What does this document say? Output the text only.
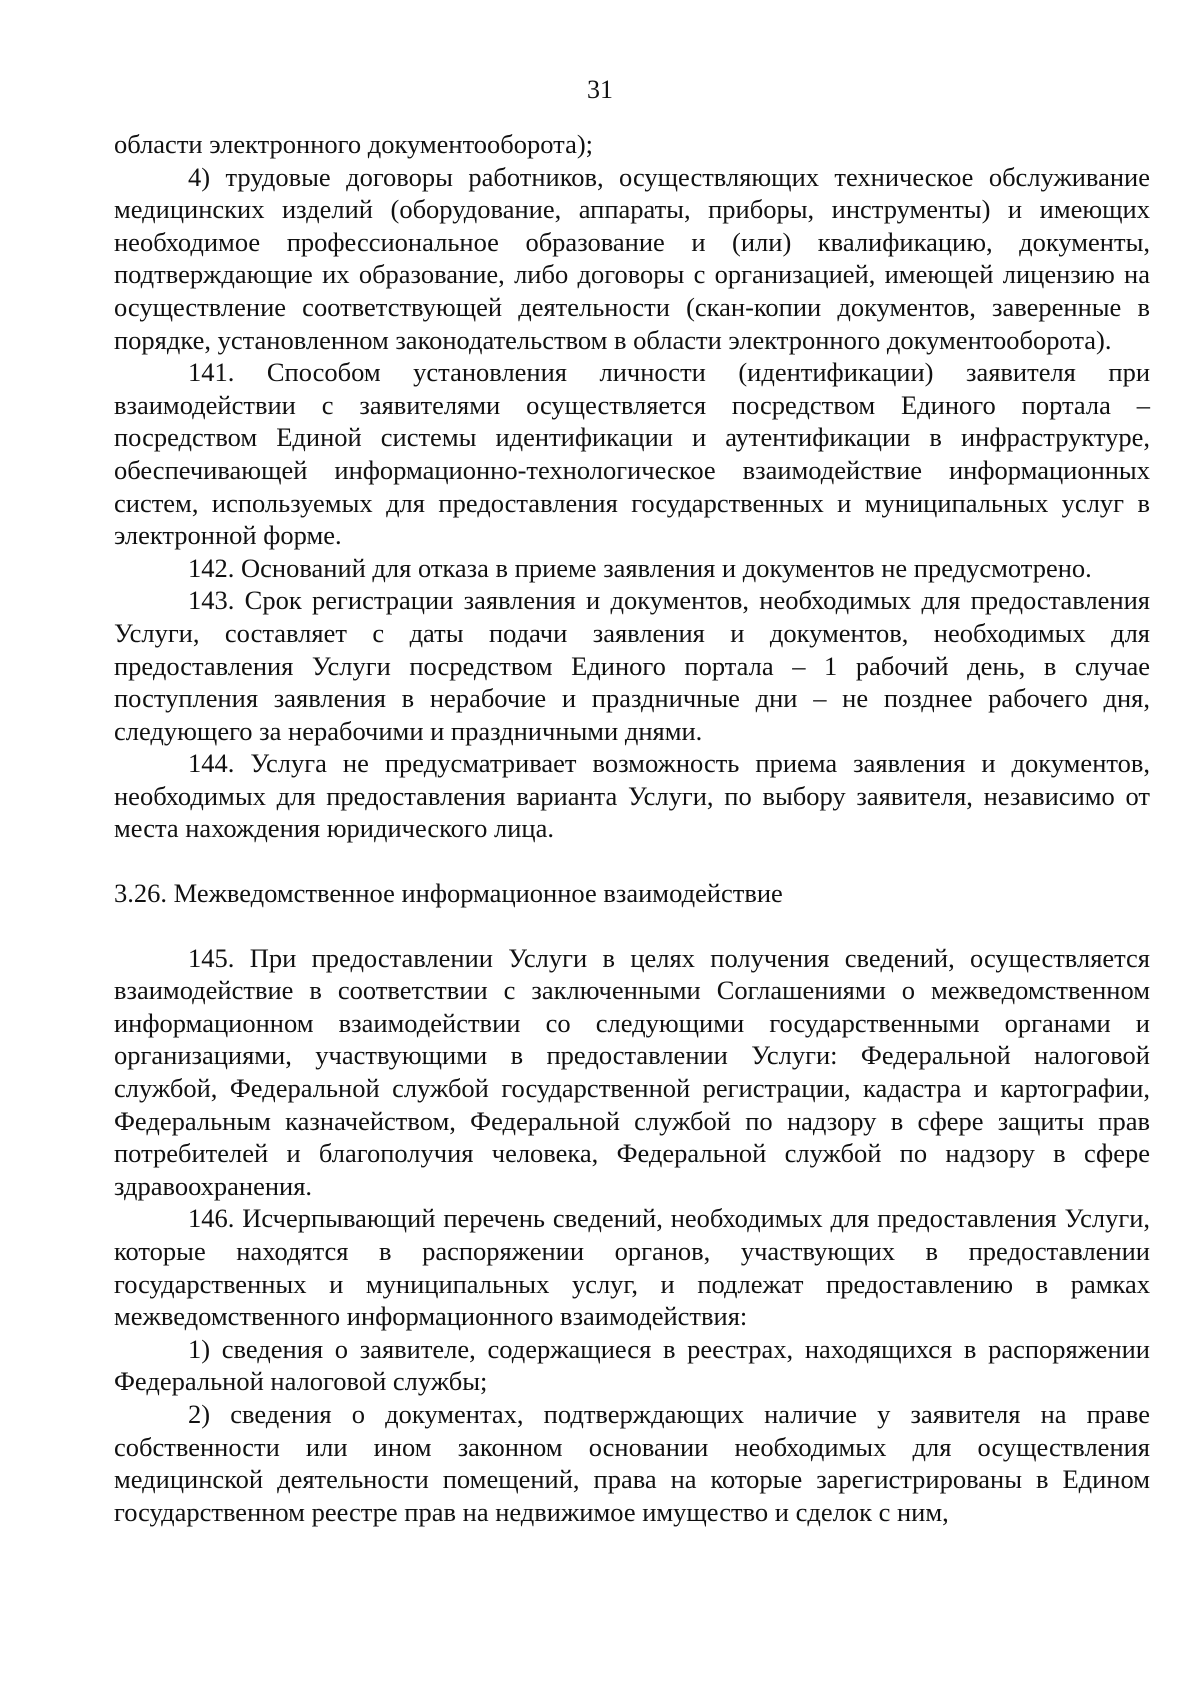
31

области электронного документооборота);

4) трудовые договоры работников, осуществляющих техническое обслуживание медицинских изделий (оборудование, аппараты, приборы, инструменты) и имеющих необходимое профессиональное образование и (или) квалификацию, документы, подтверждающие их образование, либо договоры с организацией, имеющей лицензию на осуществление соответствующей деятельности (скан-копии документов, заверенные в порядке, установленном законодательством в области электронного документооборота).

141. Способом установления личности (идентификации) заявителя при взаимодействии с заявителями осуществляется посредством Единого портала – посредством Единой системы идентификации и аутентификации в инфраструктуре, обеспечивающей информационно-технологическое взаимодействие информационных систем, используемых для предоставления государственных и муниципальных услуг в электронной форме.

142. Оснований для отказа в приеме заявления и документов не предусмотрено.

143. Срок регистрации заявления и документов, необходимых для предоставления Услуги, составляет с даты подачи заявления и документов, необходимых для предоставления Услуги посредством Единого портала – 1 рабочий день, в случае поступления заявления в нерабочие и праздничные дни – не позднее рабочего дня, следующего за нерабочими и праздничными днями.

144. Услуга не предусматривает возможность приема заявления и документов, необходимых для предоставления варианта Услуги, по выбору заявителя, независимо от места нахождения юридического лица.

3.26. Межведомственное информационное взаимодействие

145. При предоставлении Услуги в целях получения сведений, осуществляется взаимодействие в соответствии с заключенными Соглашениями о межведомственном информационном взаимодействии со следующими государственными органами и организациями, участвующими в предоставлении Услуги: Федеральной налоговой службой, Федеральной службой государственной регистрации, кадастра и картографии, Федеральным казначейством, Федеральной службой по надзору в сфере защиты прав потребителей и благополучия человека, Федеральной службой по надзору в сфере здравоохранения.

146. Исчерпывающий перечень сведений, необходимых для предоставления Услуги, которые находятся в распоряжении органов, участвующих в предоставлении государственных и муниципальных услуг, и подлежат предоставлению в рамках межведомственного информационного взаимодействия:

1) сведения о заявителе, содержащиеся в реестрах, находящихся в распоряжении Федеральной налоговой службы;

2) сведения о документах, подтверждающих наличие у заявителя на праве собственности или ином законном основании необходимых для осуществления медицинской деятельности помещений, права на которые зарегистрированы в Едином государственном реестре прав на недвижимое имущество и сделок с ним,
